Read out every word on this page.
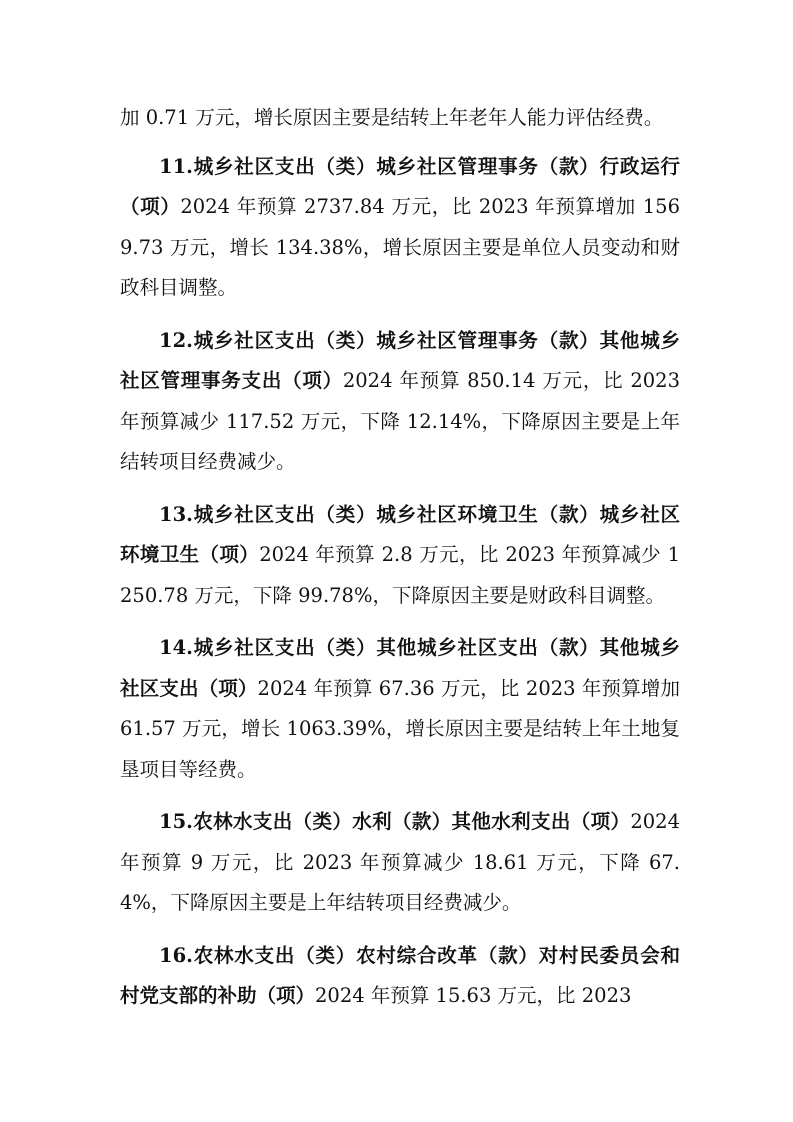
加 0.71 万元，增长原因主要是结转上年老年人能力评估经费。

11.城乡社区支出（类）城乡社区管理事务（款）行政运行（项）2024 年预算 2737.84 万元，比 2023 年预算增加 1569.73 万元，增长 134.38%，增长原因主要是单位人员变动和财政科目调整。

12.城乡社区支出（类）城乡社区管理事务（款）其他城乡社区管理事务支出（项）2024 年预算 850.14 万元，比 2023 年预算减少 117.52 万元，下降 12.14%，下降原因主要是上年结转项目经费减少。

13.城乡社区支出（类）城乡社区环境卫生（款）城乡社区环境卫生（项）2024 年预算 2.8 万元，比 2023 年预算减少 1250.78 万元，下降 99.78%，下降原因主要是财政科目调整。

14.城乡社区支出（类）其他城乡社区支出（款）其他城乡社区支出（项）2024 年预算 67.36 万元，比 2023 年预算增加 61.57 万元，增长 1063.39%，增长原因主要是结转上年土地复垦项目等经费。

15.农林水支出（类）水利（款）其他水利支出（项）2024 年预算 9 万元，比 2023 年预算减少 18.61 万元，下降 67.4%，下降原因主要是上年结转项目经费减少。

16.农林水支出（类）农村综合改革（款）对村民委员会和村党支部的补助（项）2024 年预算 15.63 万元，比 2023
